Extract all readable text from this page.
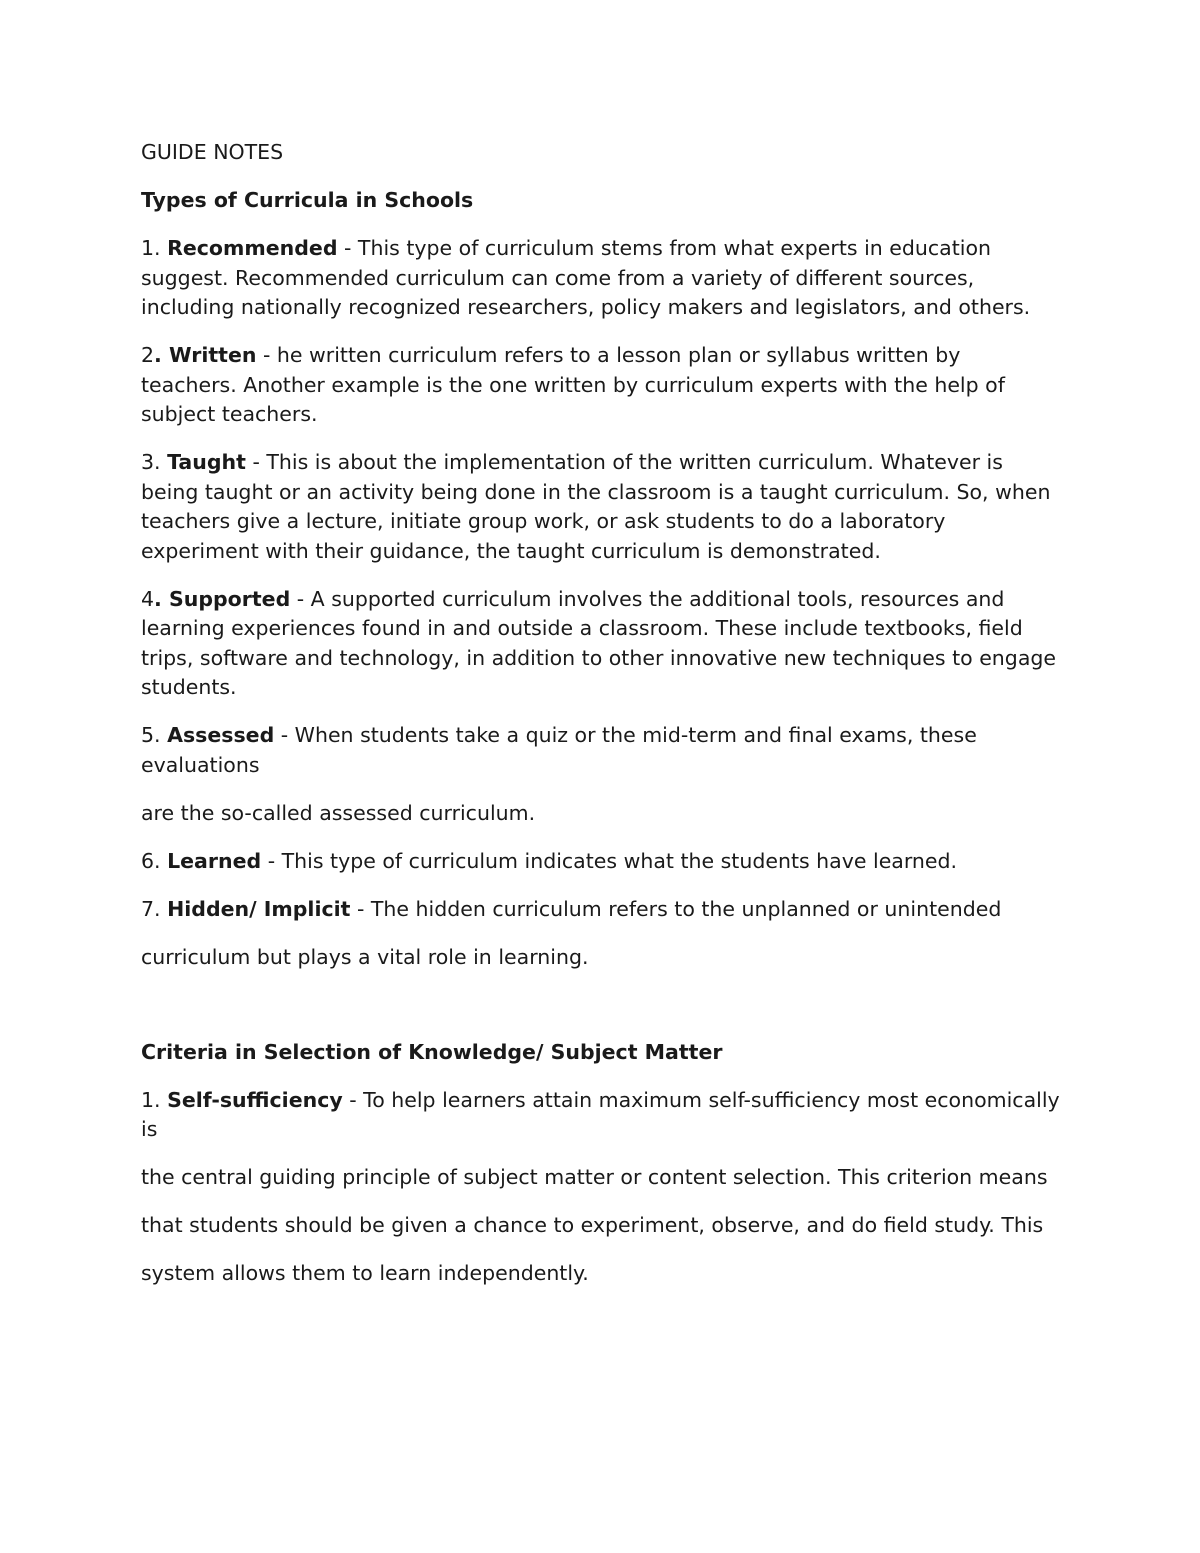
GUIDE NOTES

Types of Curricula in Schools

1. Recommended - This type of curriculum stems from what experts in education suggest. Recommended curriculum can come from a variety of different sources, including nationally recognized researchers, policy makers and legislators, and others.

2. Written - he written curriculum refers to a lesson plan or syllabus written by teachers. Another example is the one written by curriculum experts with the help of subject teachers.

3. Taught - This is about the implementation of the written curriculum. Whatever is being taught or an activity being done in the classroom is a taught curriculum. So, when teachers give a lecture, initiate group work, or ask students to do a laboratory experiment with their guidance, the taught curriculum is demonstrated.

4. Supported - A supported curriculum involves the additional tools, resources and learning experiences found in and outside a classroom. These include textbooks, field trips, software and technology, in addition to other innovative new techniques to engage students.

5. Assessed - When students take a quiz or the mid-term and final exams, these evaluations

are the so-called assessed curriculum.

6. Learned - This type of curriculum indicates what the students have learned.

7. Hidden/ Implicit - The hidden curriculum refers to the unplanned or unintended

curriculum but plays a vital role in learning.

Criteria in Selection of Knowledge/ Subject Matter

1. Self-sufficiency - To help learners attain maximum self-sufficiency most economically is

the central guiding principle of subject matter or content selection. This criterion means

that students should be given a chance to experiment, observe, and do field study. This

system allows them to learn independently.
